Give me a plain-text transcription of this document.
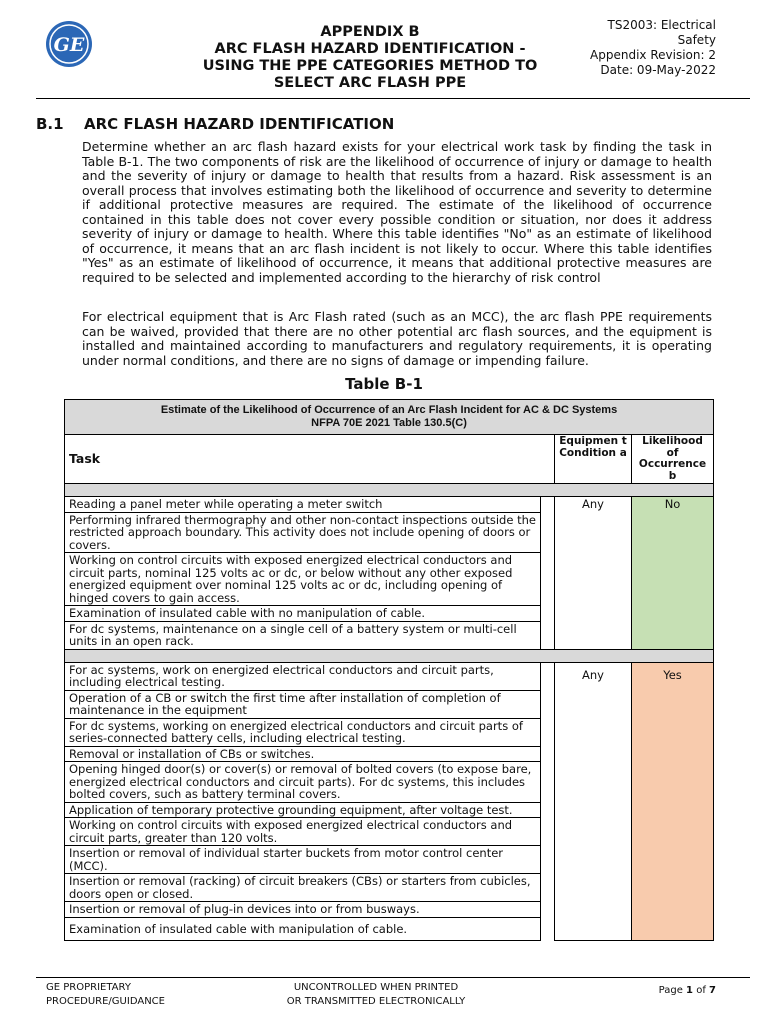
GE
APPENDIX B
ARC FLASH HAZARD IDENTIFICATION -
USING THE PPE CATEGORIES METHOD TO
SELECT ARC FLASH PPE
TS2003: Electrical
Safety
Appendix Revision: 2
Date: 09-May-2022
B.1 ARC FLASH HAZARD IDENTIFICATION
Determine whether an arc flash hazard exists for your electrical work task by finding the task in Table B-1. The two components of risk are the likelihood of occurrence of injury or damage to health and the severity of injury or damage to health that results from a hazard. Risk assessment is an overall process that involves estimating both the likelihood of occurrence and severity to determine if additional protective measures are required. The estimate of the likelihood of occurrence contained in this table does not cover every possible condition or situation, nor does it address severity of injury or damage to health. Where this table identifies "No" as an estimate of likelihood of occurrence, it means that an arc flash incident is not likely to occur. Where this table identifies "Yes" as an estimate of likelihood of occurrence, it means that additional protective measures are required to be selected and implemented according to the hierarchy of risk control
For electrical equipment that is Arc Flash rated (such as an MCC), the arc flash PPE requirements can be waived, provided that there are no other potential arc flash sources, and the equipment is installed and maintained according to manufacturers and regulatory requirements, it is operating under normal conditions, and there are no signs of damage or impending failure.
Table B-1
Estimate of the Likelihood of Occurrence of an Arc Flash Incident for AC & DC Systems
NFPA 70E 2021 Table 130.5(C)			

Task		Equipmen t Condition a	Likelihood of Occurrence b

Reading a panel meter while operating a meter switch		Any	No
Performing infrared thermography and other non-contact inspections outside the restricted approach boundary. This activity does not include opening of doors or covers.			
Working on control circuits with exposed energized electrical conductors and circuit parts, nominal 125 volts ac or dc, or below without any other exposed energized equipment over nominal 125 volts ac or dc, including opening of hinged covers to gain access.			
Examination of insulated cable with no manipulation of cable.			
For dc systems, maintenance on a single cell of a battery system or multi-cell units in an open rack.			

For ac systems, work on energized electrical conductors and circuit parts, including electrical testing.		Any	Yes
Operation of a CB or switch the first time after installation of completion of maintenance in the equipment			
For dc systems, working on energized electrical conductors and circuit parts of series-connected battery cells, including electrical testing.			
Removal or installation of CBs or switches.			
Opening hinged door(s) or cover(s) or removal of bolted covers (to expose bare, energized electrical conductors and circuit parts). For dc systems, this includes bolted covers, such as battery terminal covers.			
Application of temporary protective grounding equipment, after voltage test.			
Working on control circuits with exposed energized electrical conductors and circuit parts, greater than 120 volts.			
Insertion or removal of individual starter buckets from motor control center (MCC).			
Insertion or removal (racking) of circuit breakers (CBs) or starters from cubicles, doors open or closed.			
Insertion or removal of plug-in devices into or from busways.			
Examination of insulated cable with manipulation of cable.			
GE PROPRIETARY
PROCEDURE/GUIDANCE
UNCONTROLLED WHEN PRINTED
OR TRANSMITTED ELECTRONICALLY
Page 1 of 7
